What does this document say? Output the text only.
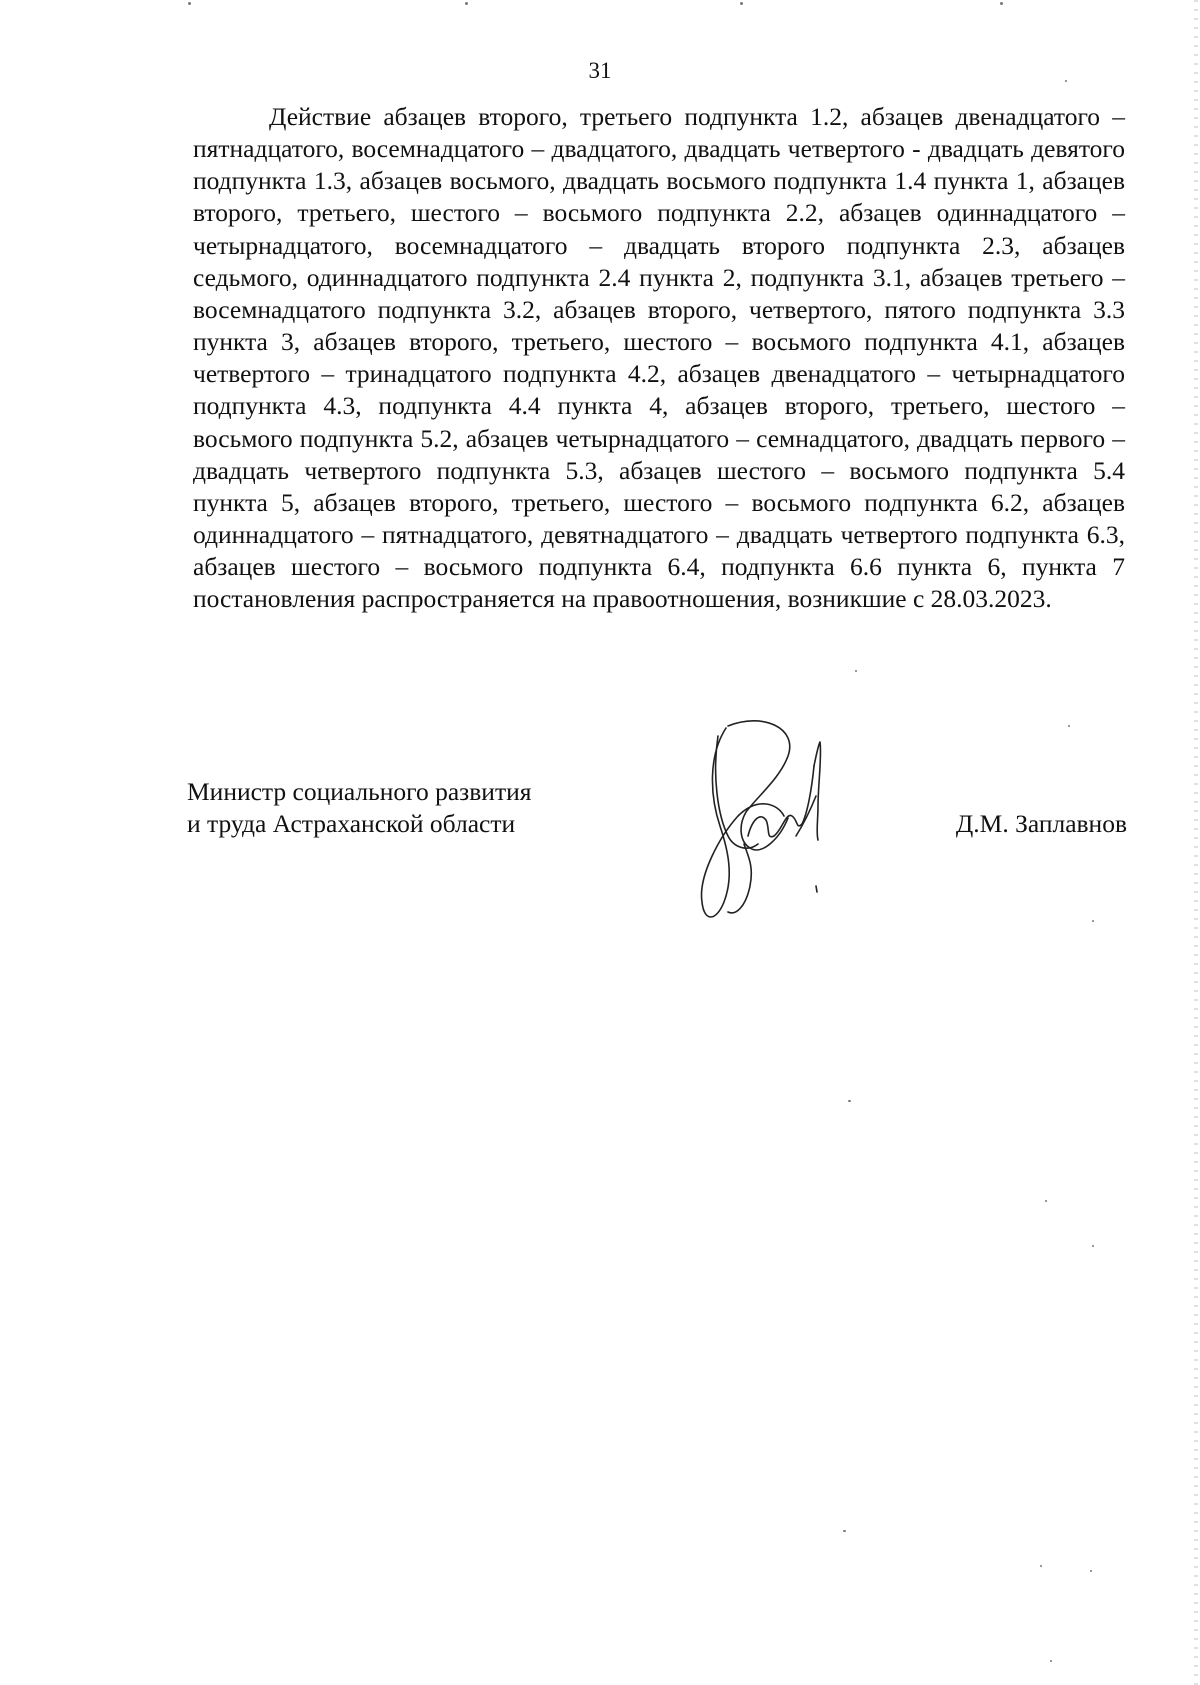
31

Действие абзацев второго, третьего подпункта 1.2, абзацев двенадцатого – пятнадцатого, восемнадцатого – двадцатого, двадцать четвертого - двадцать девятого подпункта 1.3, абзацев восьмого, двадцать восьмого подпункта 1.4 пункта 1, абзацев второго, третьего, шестого – восьмого подпункта 2.2, абзацев одиннадцатого – четырнадцатого, восемнадцатого – двадцать второго подпункта 2.3, абзацев седьмого, одиннадцатого подпункта 2.4 пункта 2, подпункта 3.1, абзацев третьего – восемнадцатого подпункта 3.2, абзацев второго, четвертого, пятого подпункта 3.3 пункта 3, абзацев второго, третьего, шестого – восьмого подпункта 4.1, абзацев четвертого – тринадцатого подпункта 4.2, абзацев двенадцатого – четырнадцатого подпункта 4.3, подпункта 4.4 пункта 4, абзацев второго, третьего, шестого – восьмого подпункта 5.2, абзацев четырнадцатого – семнадцатого, двадцать первого – двадцать четвертого подпункта 5.3, абзацев шестого – восьмого подпункта 5.4 пункта 5, абзацев второго, третьего, шестого – восьмого подпункта 6.2, абзацев одиннадцатого – пятнадцатого, девятнадцатого – двадцать четвертого подпункта 6.3, абзацев шестого – восьмого подпункта 6.4, подпункта 6.6 пункта 6, пункта 7 постановления распространяется на правоотношения, возникшие с 28.03.2023.

Министр социального развития
и труда Астраханской области	Д.М. Заплавнов
